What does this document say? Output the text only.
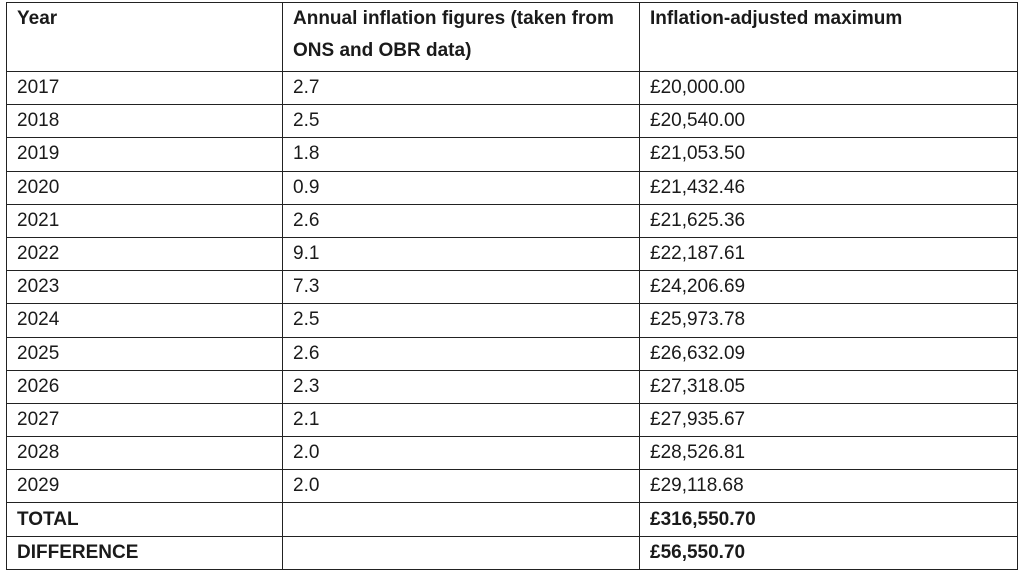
Year	Annual inflation figures (taken from ONS and OBR data)	Inflation-adjusted maximum
2017	2.7	£20,000.00
2018	2.5	£20,540.00
2019	1.8	£21,053.50
2020	0.9	£21,432.46
2021	2.6	£21,625.36
2022	9.1	£22,187.61
2023	7.3	£24,206.69
2024	2.5	£25,973.78
2025	2.6	£26,632.09
2026	2.3	£27,318.05
2027	2.1	£27,935.67
2028	2.0	£28,526.81
2029	2.0	£29,118.68
TOTAL		£316,550.70
DIFFERENCE		£56,550.70
